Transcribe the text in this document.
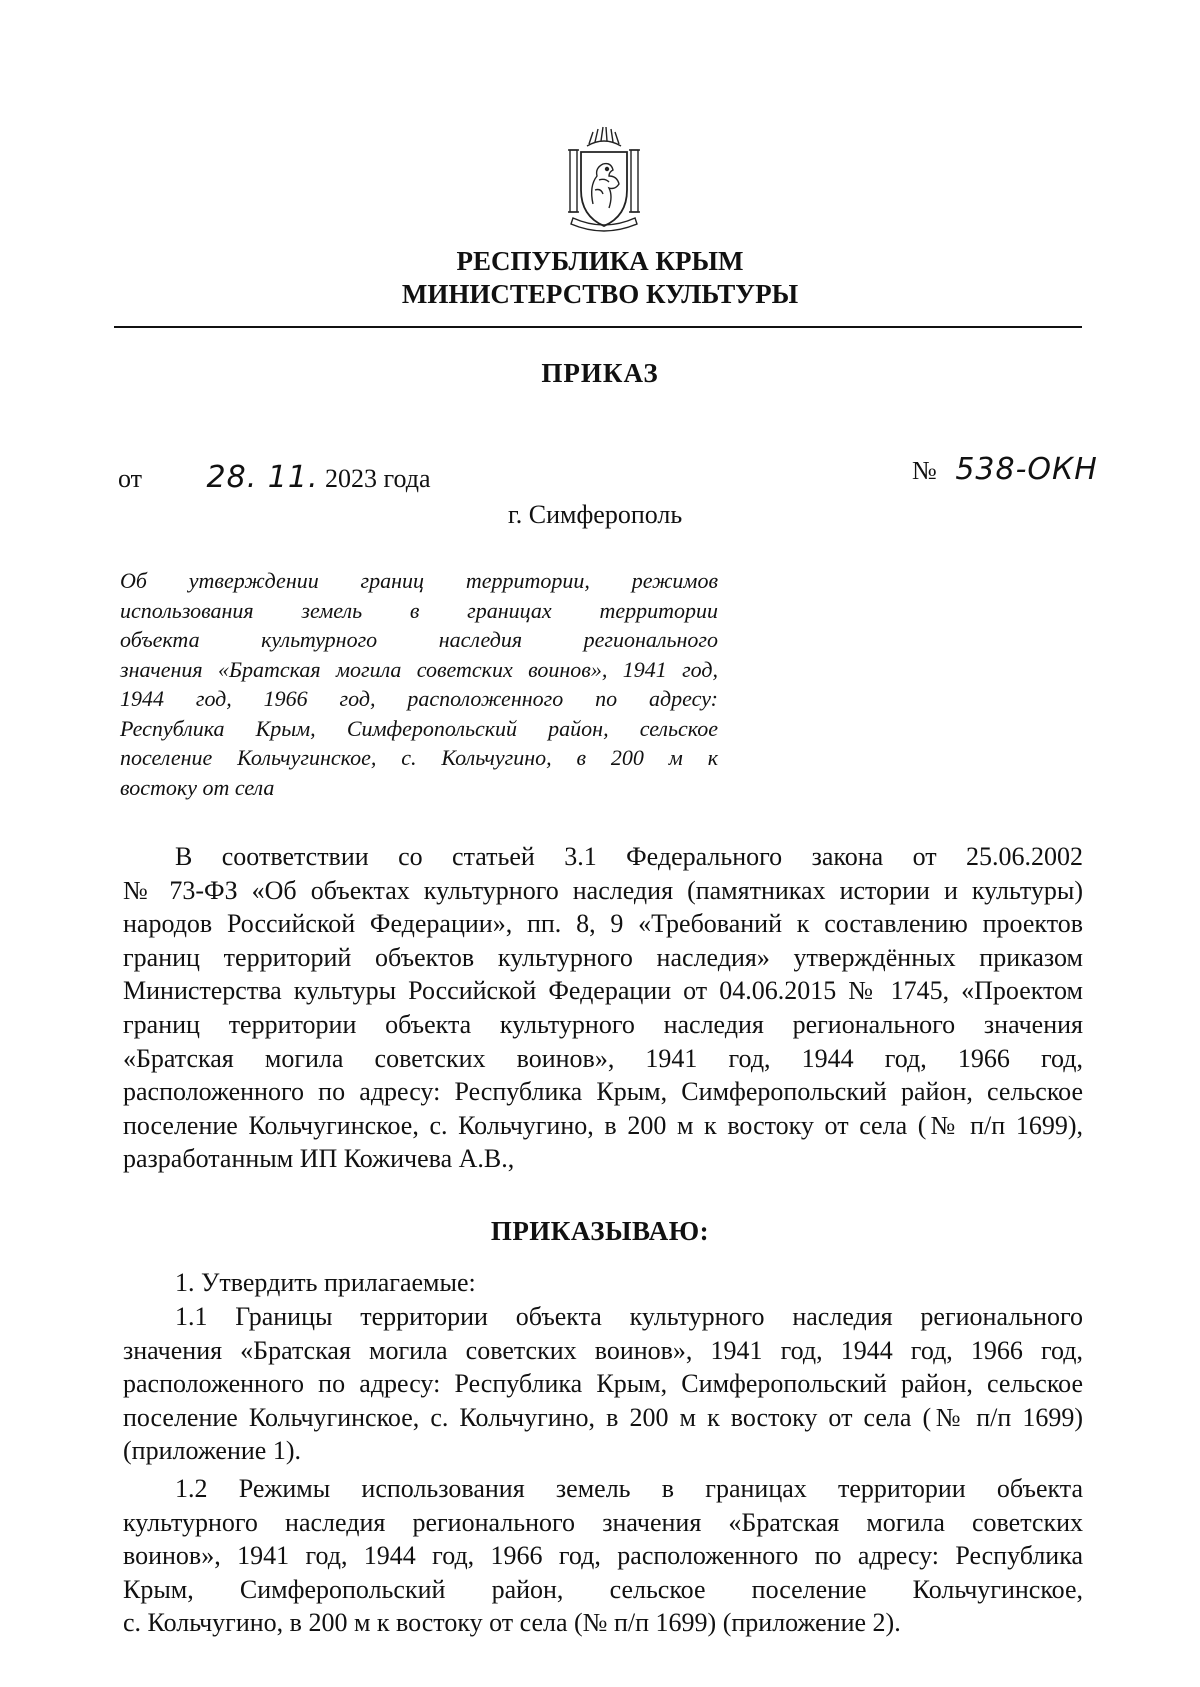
РЕСПУБЛИКА КРЫМ
МИНИСТЕРСТВО КУЛЬТУРЫ
ПРИКАЗ
от 28. 11. 2023 года	№ 538-ОКН
г. Симферополь
Об утверждении границ территории, режимов
использования земель в границах территории
объекта культурного наследия регионального
значения «Братская могила советских воинов», 1941 год,
1944 год, 1966 год, расположенного по адресу:
Республика Крым, Симферопольский район, сельское
поселение Кольчугинское, с. Кольчугино, в 200 м к
востоку от села
В соответствии со статьей 3.1 Федерального закона от 25.06.2002
№ 73-ФЗ «Об объектах культурного наследия (памятниках истории и культуры)
народов Российской Федерации», пп. 8, 9 «Требований к составлению проектов
границ территорий объектов культурного наследия» утверждённых приказом
Министерства культуры Российской Федерации от 04.06.2015 № 1745, «Проектом
границ территории объекта культурного наследия регионального значения
«Братская могила советских воинов», 1941 год, 1944 год, 1966 год,
расположенного по адресу: Республика Крым, Симферопольский район, сельское
поселение Кольчугинское, с. Кольчугино, в 200 м к востоку от села (№ п/п 1699),
разработанным ИП Кожичева А.В.,
ПРИКАЗЫВАЮ:
1. Утвердить прилагаемые:
1.1 Границы территории объекта культурного наследия регионального
значения «Братская могила советских воинов», 1941 год, 1944 год, 1966 год,
расположенного по адресу: Республика Крым, Симферопольский район, сельское
поселение Кольчугинское, с. Кольчугино, в 200 м к востоку от села (№ п/п 1699)
(приложение 1).
1.2 Режимы использования земель в границах территории объекта
культурного наследия регионального значения «Братская могила советских
воинов», 1941 год, 1944 год, 1966 год, расположенного по адресу: Республика
Крым, Симферопольский район, сельское поселение Кольчугинское,
с. Кольчугино, в 200 м к востоку от села (№ п/п 1699) (приложение 2).
